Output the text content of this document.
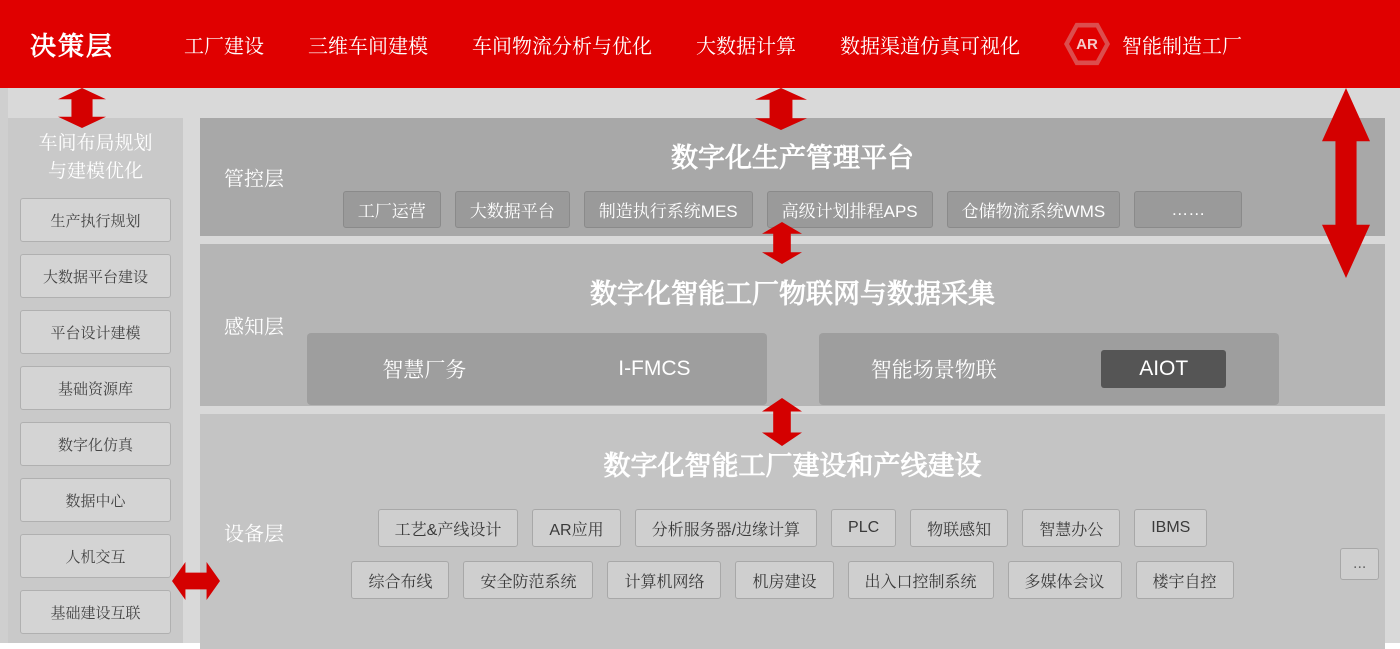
决策层	工厂建设 三维车间建模 车间物流分析与优化 大数据计算 数据渠道仿真可视化	AR	智能制造工厂
车间布局规划
与建模优化
生产执行规划
大数据平台建设
平台设计建模
基础资源库
数字化仿真
数据中心
人机交互
基础建设互联
管控层
数字化生产管理平台
工厂运营	大数据平台	制造执行系统MES	高级计划排程APS	仓储物流系统WMS	……
感知层
数字化智能工厂物联网与数据采集
智慧厂务	I-FMCS	智能场景物联	AIOT
设备层
数字化智能工厂建设和产线建设
工艺&产线设计	AR应用	分析服务器/边缘计算	PLC	物联感知	智慧办公	IBMS
综合布线	安全防范系统	计算机网络	机房建设	出入口控制系统	多媒体会议	楼宇自控
...
